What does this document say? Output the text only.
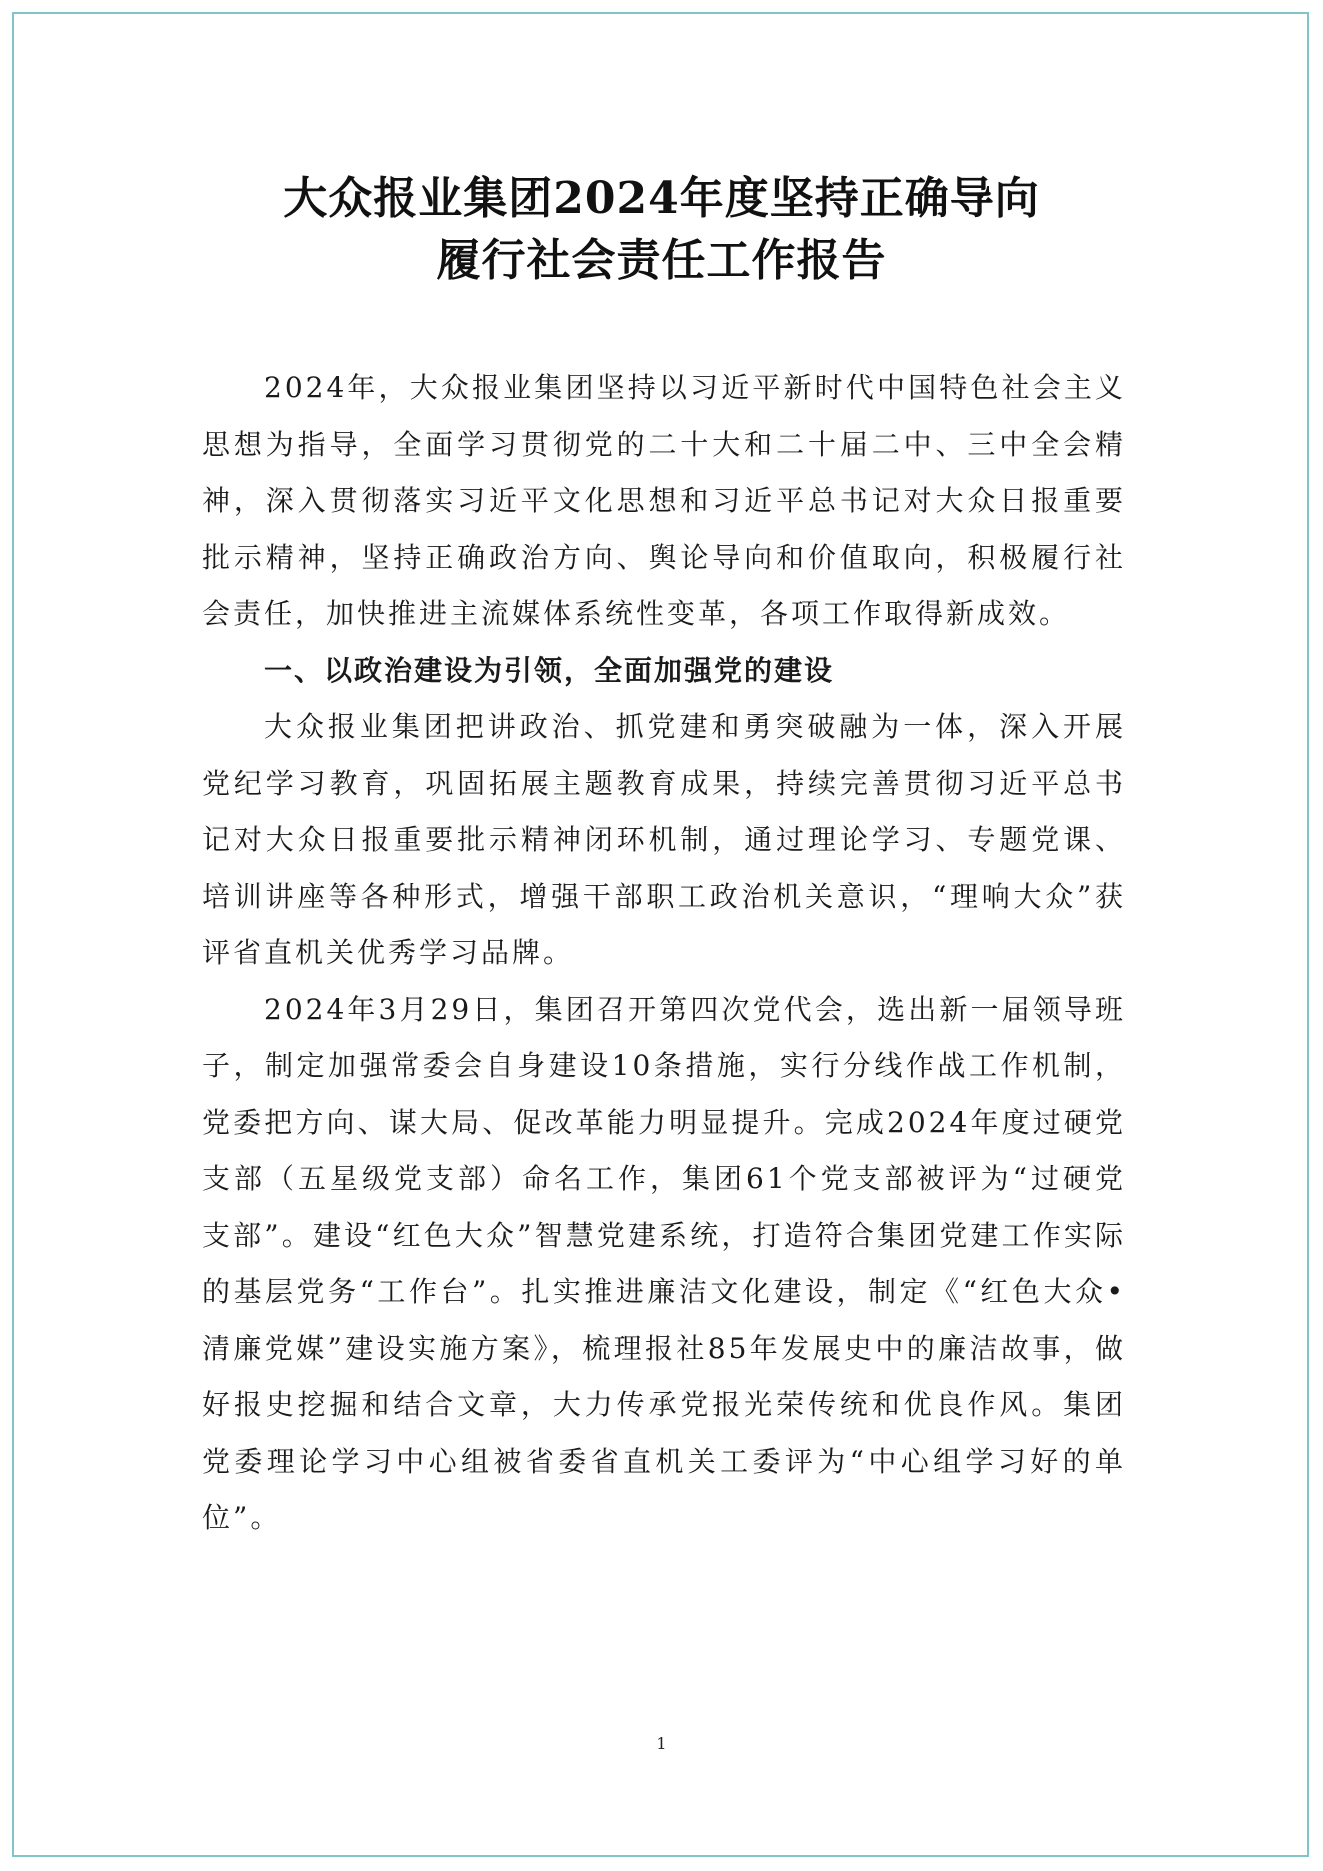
大众报业集团2024年度坚持正确导向
履行社会责任工作报告

2024年，大众报业集团坚持以习近平新时代中国特色社会主义思想为指导，全面学习贯彻党的二十大和二十届二中、三中全会精神，深入贯彻落实习近平文化思想和习近平总书记对大众日报重要批示精神，坚持正确政治方向、舆论导向和价值取向，积极履行社会责任，加快推进主流媒体系统性变革，各项工作取得新成效。

一、以政治建设为引领，全面加强党的建设

大众报业集团把讲政治、抓党建和勇突破融为一体，深入开展党纪学习教育，巩固拓展主题教育成果，持续完善贯彻习近平总书记对大众日报重要批示精神闭环机制，通过理论学习、专题党课、培训讲座等各种形式，增强干部职工政治机关意识，“理响大众”获评省直机关优秀学习品牌。

2024年3月29日，集团召开第四次党代会，选出新一届领导班子，制定加强常委会自身建设10条措施，实行分线作战工作机制，党委把方向、谋大局、促改革能力明显提升。完成2024年度过硬党支部（五星级党支部）命名工作，集团61个党支部被评为“过硬党支部”。建设“红色大众”智慧党建系统，打造符合集团党建工作实际的基层党务“工作台”。扎实推进廉洁文化建设，制定《“红色大众•清廉党媒”建设实施方案》，梳理报社85年发展史中的廉洁故事，做好报史挖掘和结合文章，大力传承党报光荣传统和优良作风。集团党委理论学习中心组被省委省直机关工委评为“中心组学习好的单位”。

1
